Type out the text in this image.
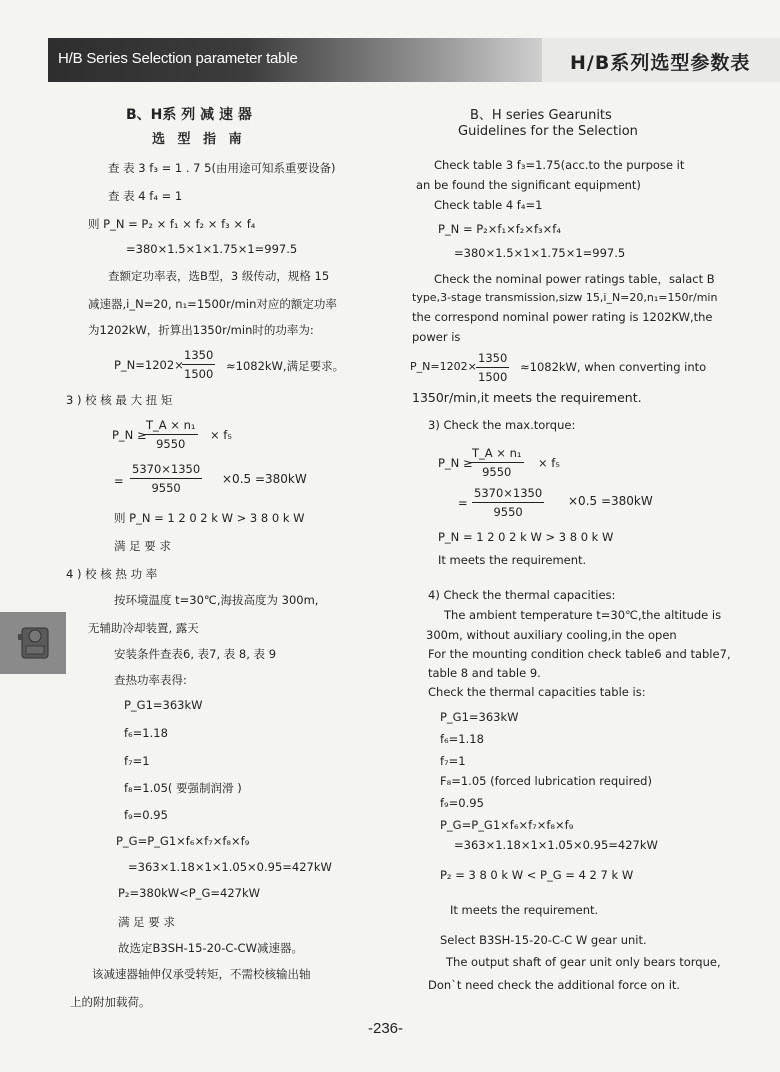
H/B Series Selection parameter table	H/B系列选型参数表
B、H系 列 减 速 器
选 型 指 南
查 表 3 f₃ = 1 . 7 5(由用途可知系重要设备)
查 表 4 f₄ = 1
则 P_N = P₂ × f₁ × f₂ × f₃ × f₄
=380×1.5×1×1.75×1=997.5
查额定功率表，选B型，3 级传动，规格 15
减速器,i_N=20, n₁=1500r/min对应的额定功率
为1202kW，折算出1350r/min时的功率为:
P_N=1202×
$\frac{1350}{1500} \approx 1082kW$,满足要求。
3 ) 校 核 最 大 扭 矩
P_N ≥
$\frac{\text{T\_A × n₁}}{9550} \times f_5$
= $\frac{5370\times 1350}{9550} \times 0.5 =380kW$
则 P_N = 1 2 0 2 k W > 3 8 0 k W
满 足 要 求
4 ) 校 核 热 功 率
按环境温度 t=30℃,海拔高度为 300m,
无辅助冷却装置, 露天
安装条件查表6, 表7, 表 8, 表 9
查热功率表得:
P_G1=363kW
f₆=1.18
f₇=1
f₈=1.05( 要强制润滑 )
f₉=0.95
P_G=P_G1×f₆×f₇×f₈×f₉
=363×1.18×1×1.05×0.95=427kW
P₂=380kW<P_G=427kW
满 足 要 求
故选定B3SH-15-20-C-CW减速器。
该减速器轴伸仅承受转矩，不需校核输出轴
上的附加载荷。
B、H series Gearunits
Guidelines for the Selection
Check table 3 f₃=1.75(acc.to the purpose it
an be found the significant equipment)
Check table 4 f₄=1
P_N = P₂×f₁×f₂×f₃×f₄
=380×1.5×1×1.75×1=997.5
Check the nominal power ratings table，salact B
type,3-stage transmission,sizw 15,i_N=20,n₁=150r/min
the correspond nominal power rating is 1202KW,the
power is
P_N=1202× $\frac{1350}{1500} \approx 1082kW$, when converting into
1350r/min,it meets the requirement.
3) Check the max.torque:
P_N ≥
$\frac{\text{T\_A × n₁}}{9550} \times f_5$
= $\frac{5370\times 1350}{9550} \times 0.5 =380kW$
P_N = 1 2 0 2 k W > 3 8 0 k W
It meets the requirement.
4) Check the thermal capacities:
The ambient temperature t=30℃,the altitude is
300m, without auxiliary cooling,in the open
For the mounting condition check table6 and table7,
table 8 and table 9.
Check the thermal capacities table is:
P_G1=363kW
f₆=1.18
f₇=1
F₈=1.05 (forced lubrication required)
f₉=0.95
P_G=P_G1×f₆×f₇×f₈×f₉
=363×1.18×1×1.05×0.95=427kW
P₂ = 3 8 0 k W < P_G = 4 2 7 k W
It meets the requirement.
Select B3SH-15-20-C-C W gear unit.
The output shaft of gear unit only bears torque,
Don`t need check the additional force on it.
-236-
